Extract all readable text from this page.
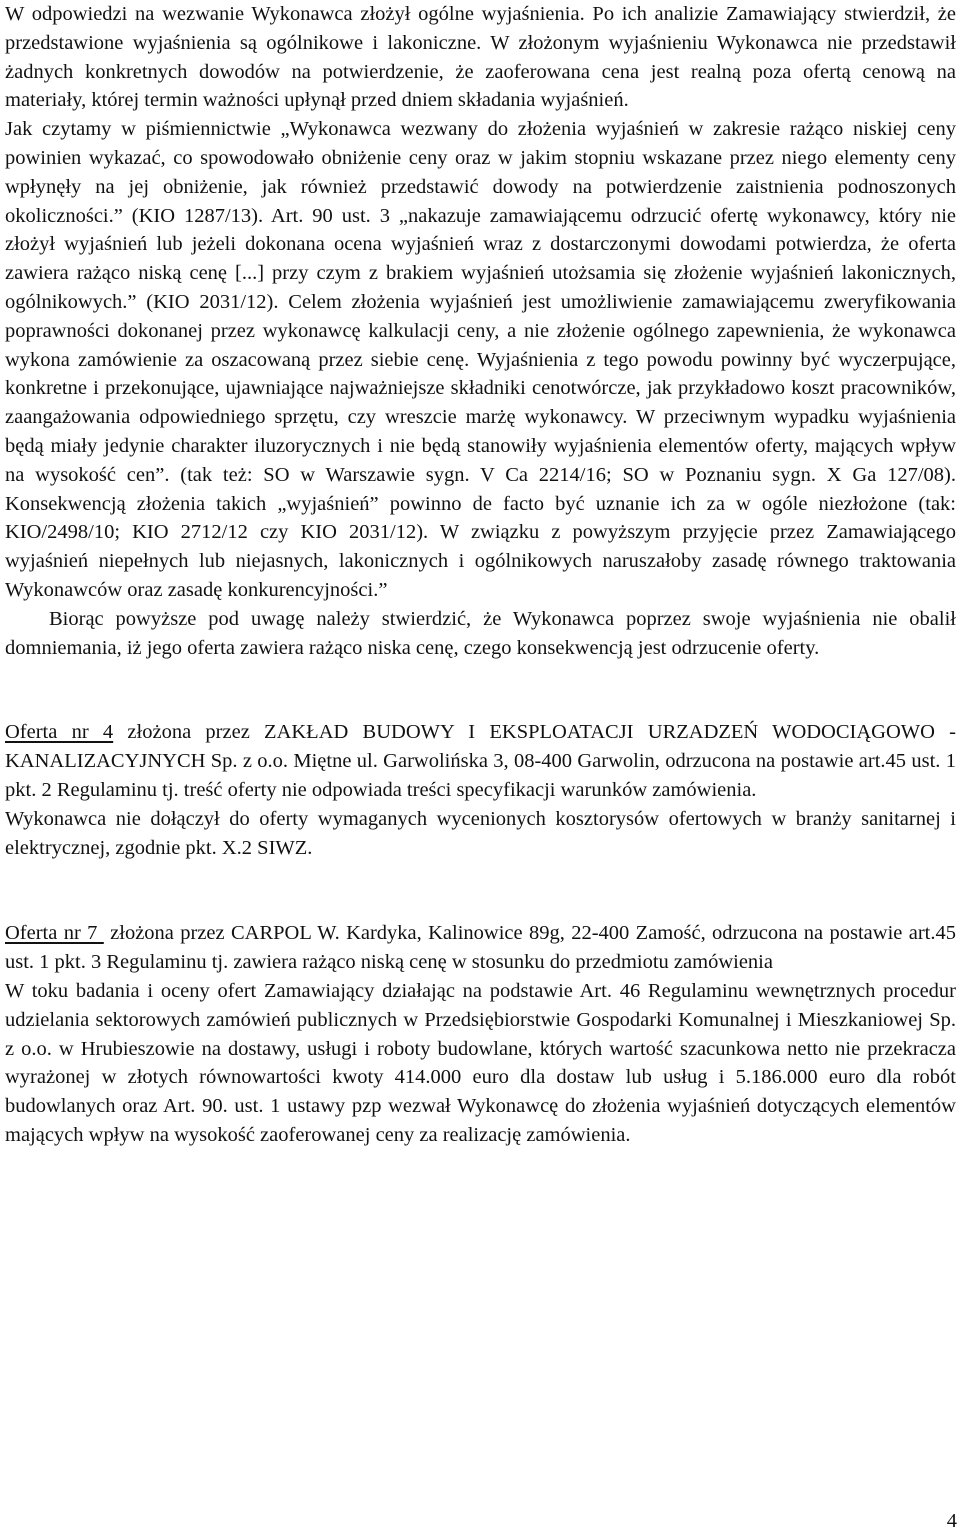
W odpowiedzi na wezwanie Wykonawca złożył ogólne wyjaśnienia. Po ich analizie Zamawiający stwierdził, że przedstawione wyjaśnienia są ogólnikowe i lakoniczne. W złożonym wyjaśnieniu Wykonawca nie przedstawił żadnych konkretnych dowodów na potwierdzenie, że zaoferowana cena jest realną poza ofertą cenową na materiały, której termin ważności upłynął przed dniem składania wyjaśnień.

Jak czytamy w piśmiennictwie „Wykonawca wezwany do złożenia wyjaśnień w zakresie rażąco niskiej ceny powinien wykazać, co spowodowało obniżenie ceny oraz w jakim stopniu wskazane przez niego elementy ceny wpłynęły na jej obniżenie, jak również przedstawić dowody na potwierdzenie zaistnienia podnoszonych okoliczności.” (KIO 1287/13). Art. 90 ust. 3 „nakazuje zamawiającemu odrzucić ofertę wykonawcy, który nie złożył wyjaśnień lub jeżeli dokonana ocena wyjaśnień wraz z dostarczonymi dowodami potwierdza, że oferta zawiera rażąco niską cenę [...] przy czym z brakiem wyjaśnień utożsamia się złożenie wyjaśnień lakonicznych, ogólnikowych.” (KIO 2031/12). Celem złożenia wyjaśnień jest umożliwienie zamawiającemu zweryfikowania poprawności dokonanej przez wykonawcę kalkulacji ceny, a nie złożenie ogólnego zapewnienia, że wykonawca wykona zamówienie za oszacowaną przez siebie cenę. Wyjaśnienia z tego powodu powinny być wyczerpujące, konkretne i przekonujące, ujawniające najważniejsze składniki cenotwórcze, jak przykładowo koszt pracowników, zaangażowania odpowiedniego sprzętu, czy wreszcie marżę wykonawcy. W przeciwnym wypadku wyjaśnienia będą miały jedynie charakter iluzorycznych i nie będą stanowiły wyjaśnienia elementów oferty, mających wpływ na wysokość cen”. (tak też: SO w Warszawie sygn. V Ca 2214/16; SO w Poznaniu sygn. X Ga 127/08). Konsekwencją złożenia takich „wyjaśnień” powinno de facto być uznanie ich za w ogóle niezłożone (tak: KIO/2498/10; KIO 2712/12 czy KIO 2031/12). W związku z powyższym przyjęcie przez Zamawiającego wyjaśnień niepełnych lub niejasnych, lakonicznych i ogólnikowych naruszałoby zasadę równego traktowania Wykonawców oraz zasadę konkurencyjności.”

Biorąc powyższe pod uwagę należy stwierdzić, że Wykonawca poprzez swoje wyjaśnienia nie obalił domniemania, iż jego oferta zawiera rażąco niska cenę, czego konsekwencją jest odrzucenie oferty.

Oferta nr 4 złożona przez ZAKŁAD BUDOWY I EKSPLOATACJI URZADZEŃ WODOCIĄGOWO -KANALIZACYJNYCH Sp. z o.o. Miętne ul. Garwolińska 3, 08-400 Garwolin, odrzucona na postawie art.45 ust. 1 pkt. 2 Regulaminu tj. treść oferty nie odpowiada treści specyfikacji warunków zamówienia.

Wykonawca nie dołączył do oferty wymaganych wycenionych kosztorysów ofertowych w branży sanitarnej i elektrycznej, zgodnie pkt. X.2 SIWZ.

Oferta nr 7  złożona przez CARPOL W. Kardyka, Kalinowice 89g, 22-400 Zamość, odrzucona na postawie art.45 ust. 1 pkt. 3 Regulaminu tj. zawiera rażąco niską cenę w stosunku do przedmiotu zamówienia

W toku badania i oceny ofert Zamawiający działając na podstawie Art. 46 Regulaminu wewnętrznych procedur udzielania sektorowych zamówień publicznych w Przedsiębiorstwie Gospodarki Komunalnej i Mieszkaniowej Sp. z o.o. w Hrubieszowie na dostawy, usługi i roboty budowlane, których wartość szacunkowa netto nie przekracza wyrażonej w złotych równowartości kwoty 414.000 euro dla dostaw lub usług i 5.186.000 euro dla robót budowlanych oraz Art. 90. ust. 1 ustawy pzp wezwał Wykonawcę do złożenia wyjaśnień dotyczących elementów mających wpływ na wysokość zaoferowanej ceny za realizację zamówienia.

4
